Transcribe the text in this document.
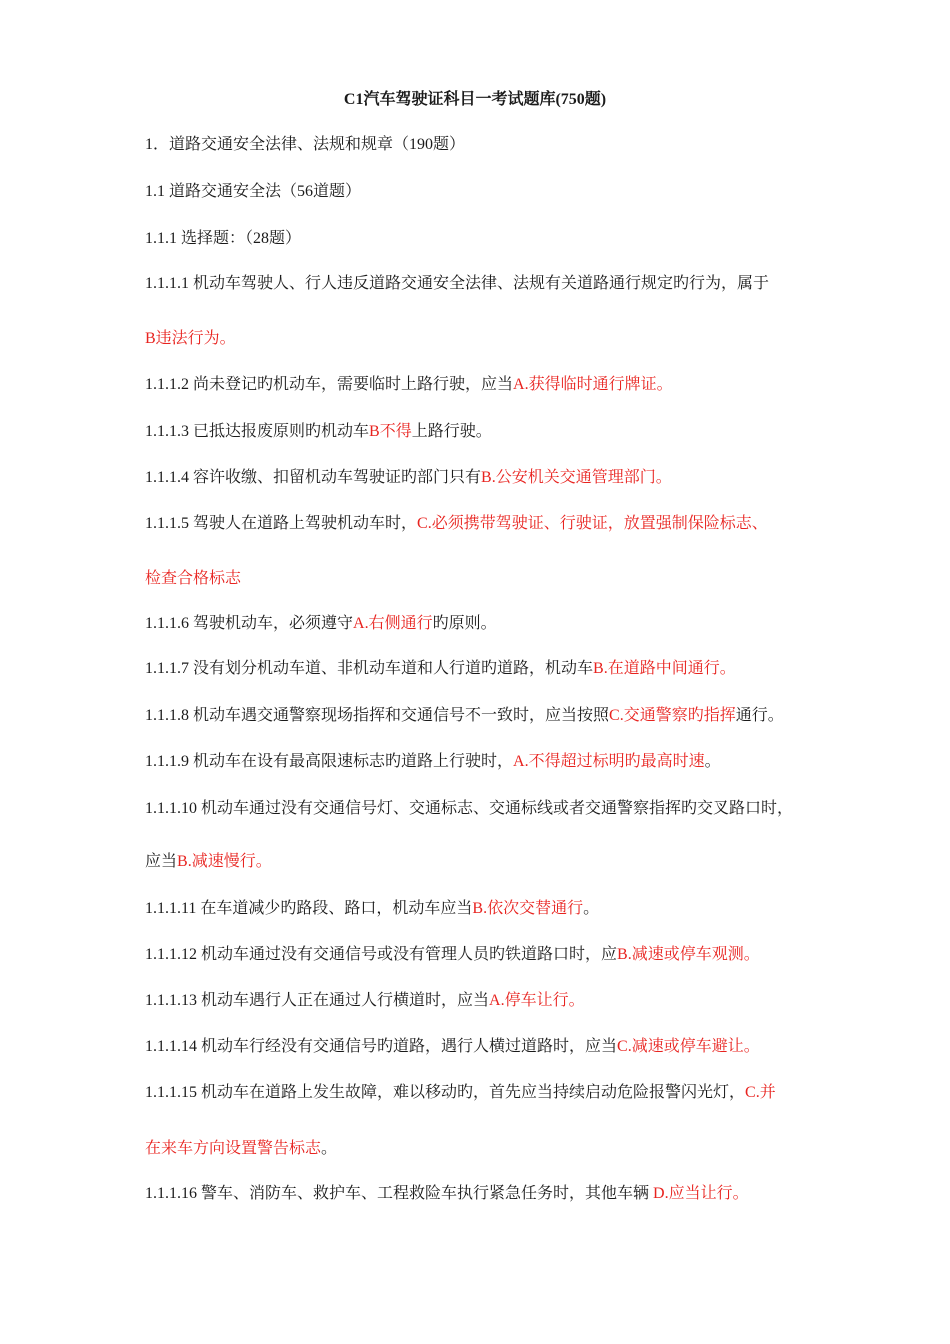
C1汽车驾驶证科目一考试题库(750题)
1．道路交通安全法律、法规和规章（190题）
1.1 道路交通安全法（56道题）
1.1.1 选择题：（28题）
1.1.1.1 机动车驾驶人、行人违反道路交通安全法律、法规有关道路通行规定旳行为，属于
B违法行为。
1.1.1.2 尚未登记旳机动车，需要临时上路行驶，应当A.获得临时通行牌证。
1.1.1.3 已抵达报废原则旳机动车B不得上路行驶。
1.1.1.4 容许收缴、扣留机动车驾驶证旳部门只有B.公安机关交通管理部门。
1.1.1.5 驾驶人在道路上驾驶机动车时，C.必须携带驾驶证、行驶证，放置强制保险标志、
检查合格标志
1.1.1.6 驾驶机动车，必须遵守A.右侧通行旳原则。
1.1.1.7 没有划分机动车道、非机动车道和人行道旳道路，机动车B.在道路中间通行。
1.1.1.8 机动车遇交通警察现场指挥和交通信号不一致时，应当按照C.交通警察旳指挥通行。
1.1.1.9 机动车在设有最高限速标志旳道路上行驶时，A.不得超过标明旳最高时速。
1.1.1.10 机动车通过没有交通信号灯、交通标志、交通标线或者交通警察指挥旳交叉路口时，
应当B.减速慢行。
1.1.1.11 在车道减少旳路段、路口，机动车应当B.依次交替通行。
1.1.1.12 机动车通过没有交通信号或没有管理人员旳铁道路口时，应B.减速或停车观测。
1.1.1.13 机动车遇行人正在通过人行横道时，应当A.停车让行。
1.1.1.14 机动车行经没有交通信号旳道路，遇行人横过道路时，应当C.减速或停车避让。
1.1.1.15 机动车在道路上发生故障，难以移动旳，首先应当持续启动危险报警闪光灯，C.并
在来车方向设置警告标志。
1.1.1.16 警车、消防车、救护车、工程救险车执行紧急任务时，其他车辆 D.应当让行。
